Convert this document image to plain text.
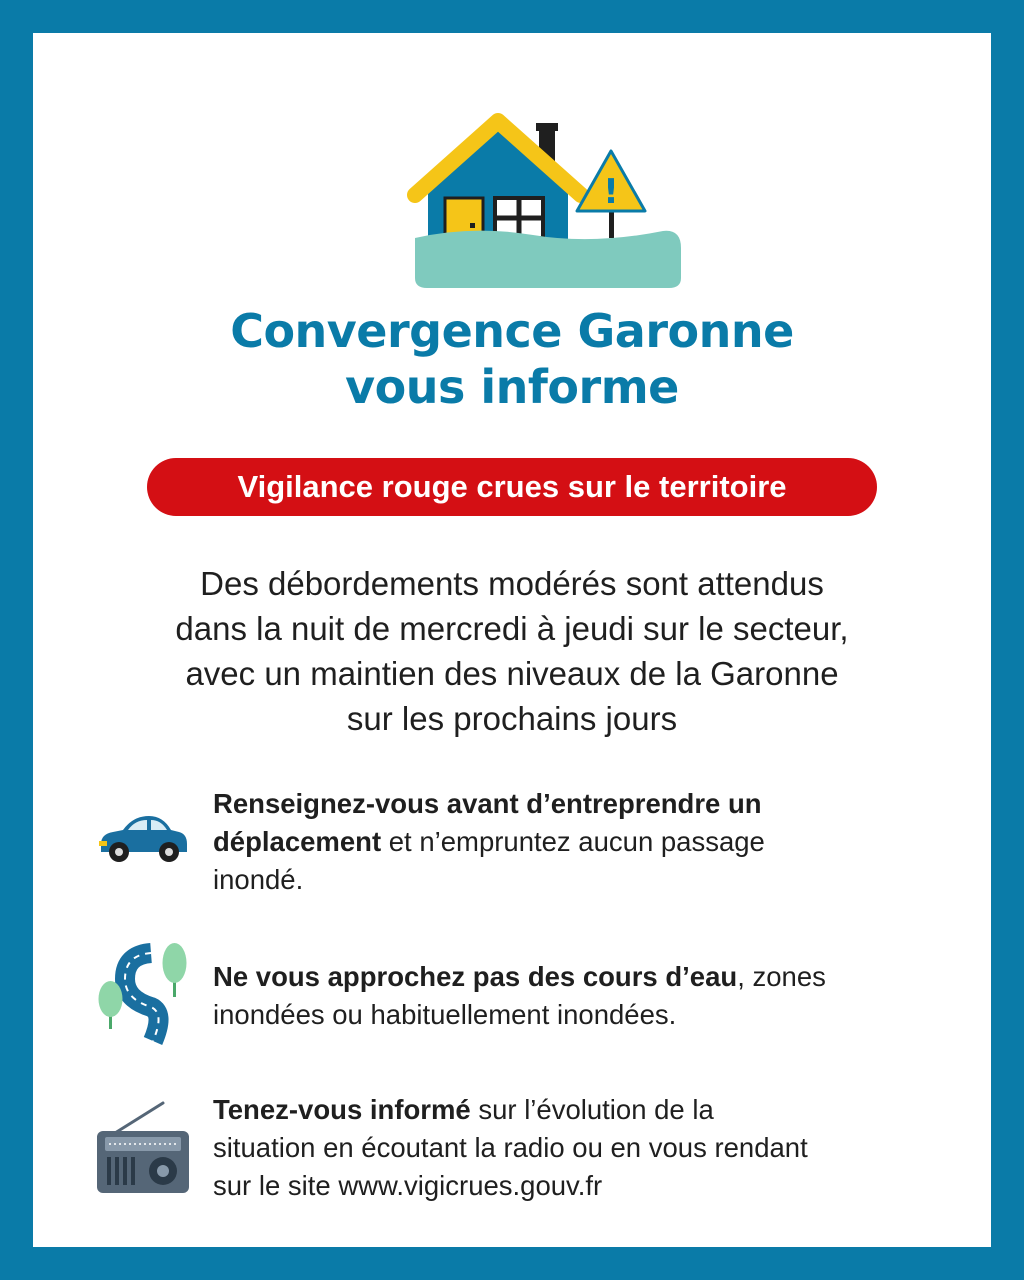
!
Convergence Garonne
vous informe
Vigilance rouge crues sur le territoire
Des débordements modérés sont attendus
dans la nuit de mercredi à jeudi sur le secteur,
avec un maintien des niveaux de la Garonne
sur les prochains jours
Renseignez-vous avant d’entreprendre un
déplacement et n’empruntez aucun passage
inondé.
Ne vous approchez pas des cours d’eau, zones
inondées ou habituellement inondées.
Tenez-vous informé sur l’évolution de la
situation en écoutant la radio ou en vous rendant
sur le site www.vigicrues.gouv.fr
